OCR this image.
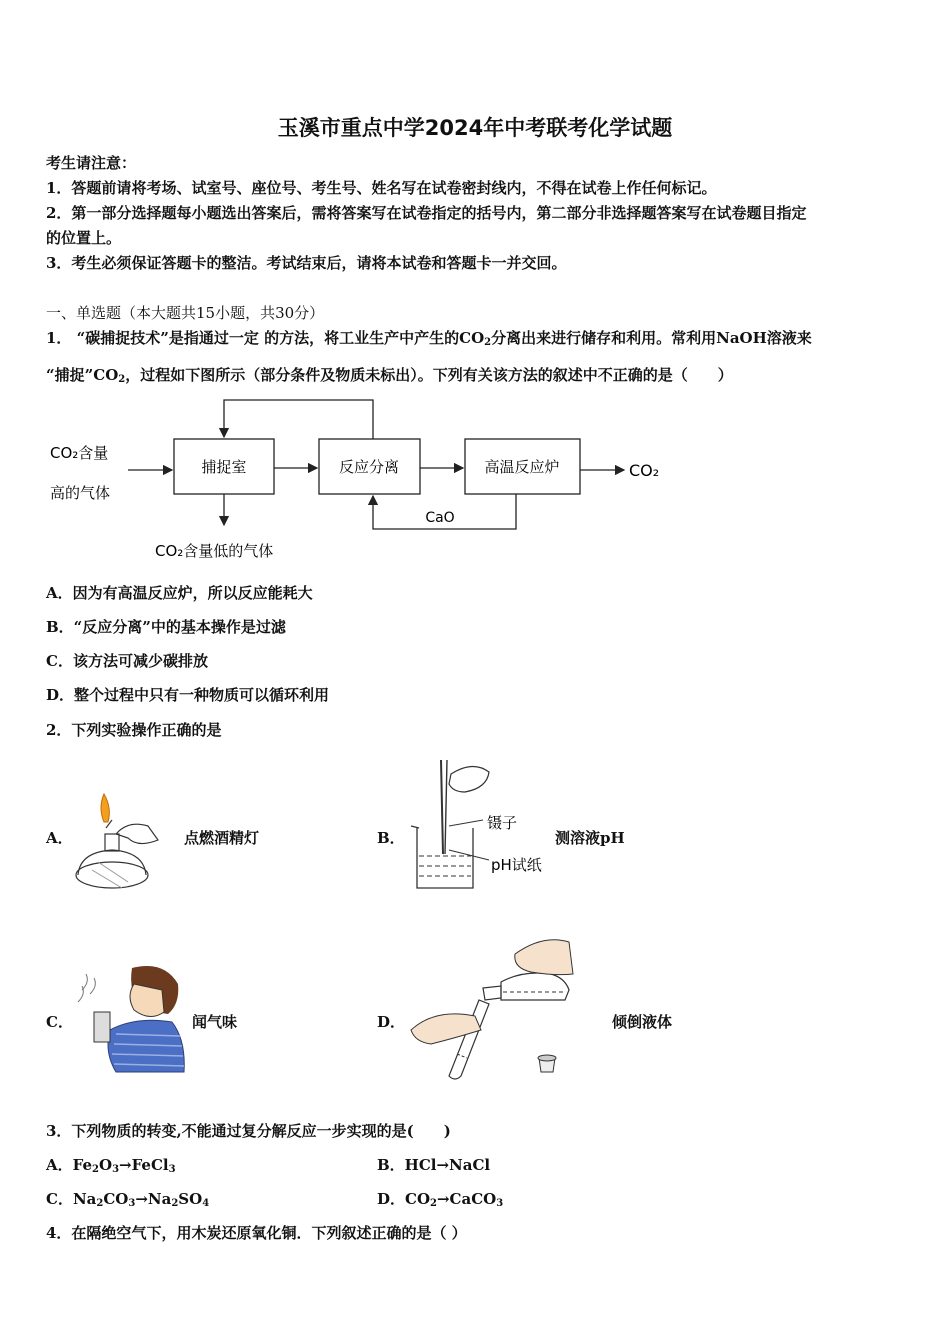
玉溪市重点中学2024年中考联考化学试题
考生请注意：
1．答题前请将考场、试室号、座位号、考生号、姓名写在试卷密封线内，不得在试卷上作任何标记。
2．第一部分选择题每小题选出答案后，需将答案写在试卷指定的括号内，第二部分非选择题答案写在试卷题目指定
的位置上。
3．考生必须保证答题卡的整洁。考试结束后，请将本试卷和答题卡一并交回。
一、单选题（本大题共15小题，共30分）
1． “碳捕捉技术”是指通过一定 的方法，将工业生产中产生的$CO_2$分离出来进行储存和利用。常利用NaOH溶液来
“捕捉$”CO_2$，过程如下图所示（部分条件及物质未标出）。下列有关该方法的叙述中不正确的是（　　）
CO₂含量
高的气体
捕捉室	反应分离	高温反应炉	CO₂
CaO
CO₂含量低的气体
A．因为有高温反应炉，所以反应能耗大
B．“反应分离”中的基本操作是过滤
C．该方法可减少碳排放
D．整个过程中只有一种物质可以循环利用
2．下列实验操作正确的是
A．	点燃酒精灯	B．
镊子
pH试纸
测溶液pH
C．	闻气味	D．	倾倒液体
3．下列物质的转变,不能通过复分解反应一步实现的是(　　)
A．$Fe_2O_3\to FeCl_3$	B．HCl→NaCl
C．$Na_2CO_3\to Na_2SO_4$	D．$CO_2\to CaCO_3$
4．在隔绝空气下，用木炭还原氧化铜．下列叙述正确的是（ ）
